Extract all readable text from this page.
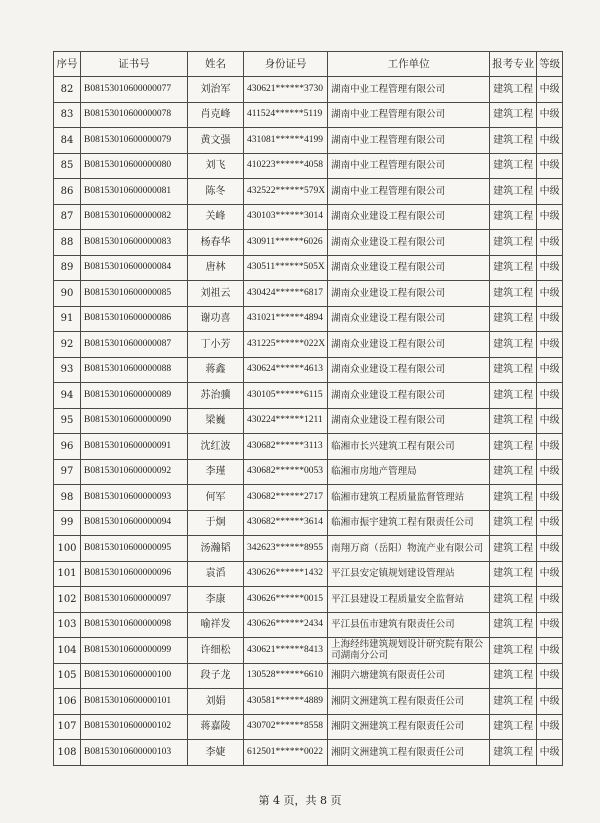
序号	证书号	姓名	身份证号	工作单位	报考专业	等级
82	B08153010600000077	刘治军	430621******3730	湖南中业工程管理有限公司	建筑工程	中级
83	B08153010600000078	肖克峰	411524******5119	湖南中业工程管理有限公司	建筑工程	中级
84	B08153010600000079	黄文强	431081******4199	湖南中业工程管理有限公司	建筑工程	中级
85	B08153010600000080	刘飞	410223******4058	湖南中业工程管理有限公司	建筑工程	中级
86	B08153010600000081	陈冬	432522******579X	湖南中业工程管理有限公司	建筑工程	中级
87	B08153010600000082	关峰	430103******3014	湖南众业建设工程有限公司	建筑工程	中级
88	B08153010600000083	杨春华	430911******6026	湖南众业建设工程有限公司	建筑工程	中级
89	B08153010600000084	唐林	430511******505X	湖南众业建设工程有限公司	建筑工程	中级
90	B08153010600000085	刘祖云	430424******6817	湖南众业建设工程有限公司	建筑工程	中级
91	B08153010600000086	谢功喜	431021******4894	湖南众业建设工程有限公司	建筑工程	中级
92	B08153010600000087	丁小芳	431225******022X	湖南众业建设工程有限公司	建筑工程	中级
93	B08153010600000088	蒋鑫	430624******4613	湖南众业建设工程有限公司	建筑工程	中级
94	B08153010600000089	苏治骥	430105******6115	湖南众业建设工程有限公司	建筑工程	中级
95	B08153010600000090	梁巍	430224******1211	湖南众业建设工程有限公司	建筑工程	中级
96	B08153010600000091	沈红波	430682******3113	临湘市长兴建筑工程有限公司	建筑工程	中级
97	B08153010600000092	李瑾	430682******0053	临湘市房地产管理局	建筑工程	中级
98	B08153010600000093	何军	430682******2717	临湘市建筑工程质量监督管理站	建筑工程	中级
99	B08153010600000094	于炯	430682******3614	临湘市振宇建筑工程有限责任公司	建筑工程	中级
100	B08153010600000095	汤瀚韬	342623******8955	南翔万商（岳阳）物流产业有限公司	建筑工程	中级
101	B08153010600000096	袁滔	430626******1432	平江县安定镇规划建设管理站	建筑工程	中级
102	B08153010600000097	李康	430626******0015	平江县建设工程质量安全监督站	建筑工程	中级
103	B08153010600000098	喻祥发	430626******2434	平江县伍市建筑有限责任公司	建筑工程	中级
104	B08153010600000099	许细松	430621******8413	上海经纬建筑规划设计研究院有限公司湖南分公司	建筑工程	中级
105	B08153010600000100	段子龙	130528******6610	湘阴六塘建筑有限责任公司	建筑工程	中级
106	B08153010600000101	刘娟	430581******4889	湘阴文洲建筑工程有限责任公司	建筑工程	中级
107	B08153010600000102	蒋嘉陵	430702******8558	湘阴文洲建筑工程有限责任公司	建筑工程	中级
108	B08153010600000103	李婕	612501******0022	湘阴文洲建筑工程有限责任公司	建筑工程	中级
第 4 页，共 8 页
